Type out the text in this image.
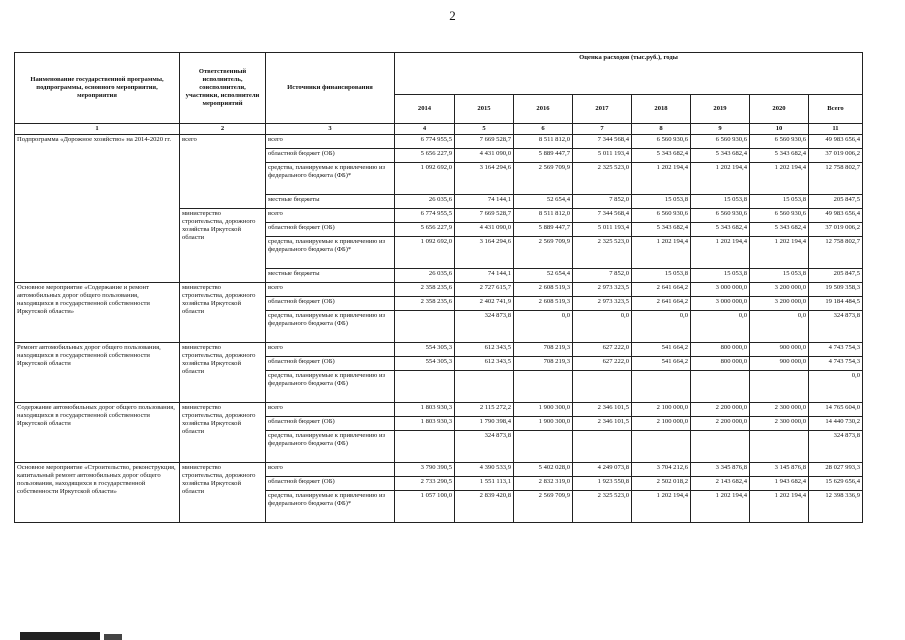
2
Наименование государственной программы, подпрограммы, основного мероприятия, мероприятия	Ответственный исполнитель, соисполнители, участники, исполнители мероприятий	Источники финансирования	Оценка расходов (тыс.руб.), годы							
			2014	2015	2016	2017	2018	2019	2020	Всего
1	2	3	4	5	6	7	8	9	10	11
Подпрограмма «Дорожное хозяйство» на 2014-2020 гг.	всего	всего	6 774 955,5	7 669 528,7	8 511 812,0	7 344 568,4	6 560 930,6	6 560 930,6	6 560 930,6	49 983 656,4
		областной бюджет (ОБ)	5 656 227,9	4 431 090,0	5 889 447,7	5 011 193,4	5 343 682,4	5 343 682,4	5 343 682,4	37 019 006,2
		средства, планируемые к привлечению из федерального бюджета (ФБ)*	1 092 692,0	3 164 294,6	2 569 709,9	2 325 523,0	1 202 194,4	1 202 194,4	1 202 194,4	12 758 802,7
		местные бюджеты	26 035,6	74 144,1	52 654,4	7 852,0	15 053,8	15 053,8	15 053,8	205 847,5
	министерство строительства, дорожного хозяйства Иркутской области	всего	6 774 955,5	7 669 528,7	8 511 812,0	7 344 568,4	6 560 930,6	6 560 930,6	6 560 930,6	49 983 656,4
		областной бюджет (ОБ)	5 656 227,9	4 431 090,0	5 889 447,7	5 011 193,4	5 343 682,4	5 343 682,4	5 343 682,4	37 019 006,2
		средства, планируемые к привлечению из федерального бюджета (ФБ)*	1 092 692,0	3 164 294,6	2 569 709,9	2 325 523,0	1 202 194,4	1 202 194,4	1 202 194,4	12 758 802,7
		местные бюджеты	26 035,6	74 144,1	52 654,4	7 852,0	15 053,8	15 053,8	15 053,8	205 847,5
Основное мероприятие «Содержание и ремонт автомобильных дорог общего пользования, находящихся в государственной собственности Иркутской области»	министерство строительства, дорожного хозяйства Иркутской области	всего	2 358 235,6	2 727 615,7	2 608 519,3	2 973 323,5	2 641 664,2	3 000 000,0	3 200 000,0	19 509 358,3
		областной бюджет (ОБ)	2 358 235,6	2 402 741,9	2 608 519,3	2 973 323,5	2 641 664,2	3 000 000,0	3 200 000,0	19 184 484,5
		средства, планируемые к привлечению из федерального бюджета (ФБ)		324 873,8	0,0	0,0	0,0	0,0	0,0	324 873,8
Ремонт автомобильных дорог общего пользования, находящихся в государственной собственности Иркутской области	министерство строительства, дорожного хозяйства Иркутской области	всего	554 305,3	612 343,5	708 219,3	627 222,0	541 664,2	800 000,0	900 000,0	4 743 754,3
		областной бюджет (ОБ)	554 305,3	612 343,5	708 219,3	627 222,0	541 664,2	800 000,0	900 000,0	4 743 754,3
		средства, планируемые к привлечению из федерального бюджета (ФБ)								0,0
Содержание автомобильных дорог общего пользования, находящихся в государственной собственности Иркутской области	министерство строительства, дорожного хозяйства Иркутской области	всего	1 803 930,3	2 115 272,2	1 900 300,0	2 346 101,5	2 100 000,0	2 200 000,0	2 300 000,0	14 765 604,0
		областной бюджет (ОБ)	1 803 930,3	1 790 398,4	1 900 300,0	2 346 101,5	2 100 000,0	2 200 000,0	2 300 000,0	14 440 730,2
		средства, планируемые к привлечению из федерального бюджета (ФБ)		324 873,8						324 873,8
Основное мероприятие «Строительство, реконструкция, капитальный ремонт автомобильных дорог общего пользования, находящихся в государственной собственности Иркутской области»	министерство строительства, дорожного хозяйства Иркутской области	всего	3 790 390,5	4 390 533,9	5 402 028,0	4 249 073,8	3 704 212,6	3 345 876,8	3 145 876,8	28 027 993,3
		областной бюджет (ОБ)	2 733 290,5	1 551 113,1	2 832 319,0	1 923 550,8	2 502 018,2	2 143 682,4	1 943 682,4	15 629 656,4
		средства, планируемые к привлечению из федерального бюджета (ФБ)*	1 057 100,0	2 839 420,8	2 569 709,9	2 325 523,0	1 202 194,4	1 202 194,4	1 202 194,4	12 398 336,9
